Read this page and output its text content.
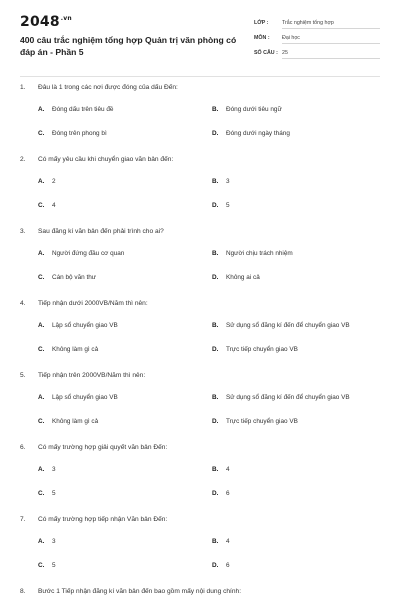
$2048^{.vn}$
400 câu trắc nghiệm tổng hợp Quản trị văn phòng có đáp án - Phần 5
LỚP :	Trắc nghiệm tổng hợp
MÔN :	Đại học
SỐ CÂU : 25
1. Đâu là 1 trong các nơi được đóng của dấu Đến:
A. Đóng dấu trên tiêu đề	B. Đóng dưới tiêu ngữ
C. Đóng trên phong bì	D. Đóng dưới ngày tháng
2. Có mấy yêu cầu khi chuyển giao văn bản đến:
A. 2	B. 3
C. 4	D. 5
3. Sau đăng kí văn bản đến phải trình cho ai?
A. Người đứng đầu cơ quan	B. Người chịu trách nhiệm
C. Cán bộ văn thư	D. Không ai cả
4. Tiếp nhận dưới 2000VB/Năm thì nên:
A. Lập sổ chuyển giao VB	B. Sử dụng sổ đăng kí đến để chuyển giao VB
C. Không làm gì cả	D. Trực tiếp chuyển giao VB
5. Tiếp nhận trên 2000VB/Năm thì nên:
A. Lập sổ chuyển giao VB	B. Sử dụng sổ đăng kí đến để chuyển giao VB
C. Không làm gì cả	D. Trực tiếp chuyển giao VB
6. Có mấy trường hợp giải quyết văn bản Đến:
A. 3	B. 4
C. 5	D. 6
7. Có mấy trường hợp tiếp nhận Văn bản Đến:
A. 3	B. 4
C. 5	D. 6
8. Bước 1 Tiếp nhận đăng kí văn bản đến bao gồm mấy nội dung chính:
